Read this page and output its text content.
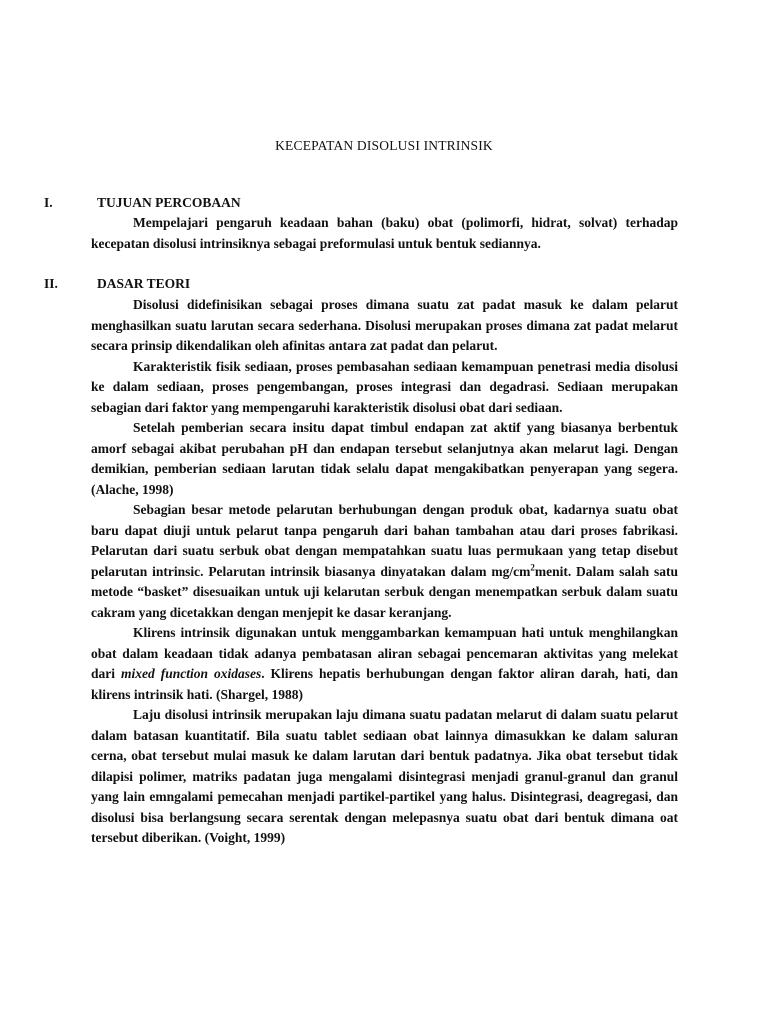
KECEPATAN DISOLUSI INTRINSIK
I.	TUJUAN PERCOBAAN

Mempelajari pengaruh keadaan bahan (baku) obat (polimorfi, hidrat, solvat) terhadap kecepatan disolusi intrinsiknya sebagai preformulasi untuk bentuk sediannya.

II.	DASAR TEORI

Disolusi didefinisikan sebagai proses dimana suatu zat padat masuk ke dalam pelarut menghasilkan suatu larutan secara sederhana. Disolusi merupakan proses dimana zat padat melarut secara prinsip dikendalikan oleh afinitas antara zat padat dan pelarut.

Karakteristik fisik sediaan, proses pembasahan sediaan kemampuan penetrasi media disolusi ke dalam sediaan, proses pengembangan, proses integrasi dan degadrasi. Sediaan merupakan sebagian dari faktor yang mempengaruhi karakteristik disolusi obat dari sediaan.

Setelah pemberian secara insitu dapat timbul endapan zat aktif yang biasanya berbentuk amorf sebagai akibat perubahan pH dan endapan tersebut selanjutnya akan melarut lagi. Dengan demikian, pemberian sediaan larutan tidak selalu dapat mengakibatkan penyerapan yang segera. (Alache, 1998)

Sebagian besar metode pelarutan berhubungan dengan produk obat, kadarnya suatu obat baru dapat diuji untuk pelarut tanpa pengaruh dari bahan tambahan atau dari proses fabrikasi. Pelarutan dari suatu serbuk obat dengan mempatahkan suatu luas permukaan yang tetap disebut pelarutan intrinsic. Pelarutan intrinsik biasanya dinyatakan dalam $mg/cm^2menit$. Dalam salah satu metode “basket” disesuaikan untuk uji kelarutan serbuk dengan menempatkan serbuk dalam suatu cakram yang dicetakkan dengan menjepit ke dasar keranjang.

Klirens intrinsik digunakan untuk menggambarkan kemampuan hati untuk menghilangkan obat dalam keadaan tidak adanya pembatasan aliran sebagai pencemaran aktivitas yang melekat dari mixed function oxidases. Klirens hepatis berhubungan dengan faktor aliran darah, hati, dan klirens intrinsik hati. (Shargel, 1988)

Laju disolusi intrinsik merupakan laju dimana suatu padatan melarut di dalam suatu pelarut dalam batasan kuantitatif. Bila suatu tablet sediaan obat lainnya dimasukkan ke dalam saluran cerna, obat tersebut mulai masuk ke dalam larutan dari bentuk padatnya. Jika obat tersebut tidak dilapisi polimer, matriks padatan juga mengalami disintegrasi menjadi granul-granul dan granul yang lain emngalami pemecahan menjadi partikel-partikel yang halus. Disintegrasi, deagregasi, dan disolusi bisa berlangsung secara serentak dengan melepasnya suatu obat dari bentuk dimana oat tersebut diberikan. (Voight, 1999)
